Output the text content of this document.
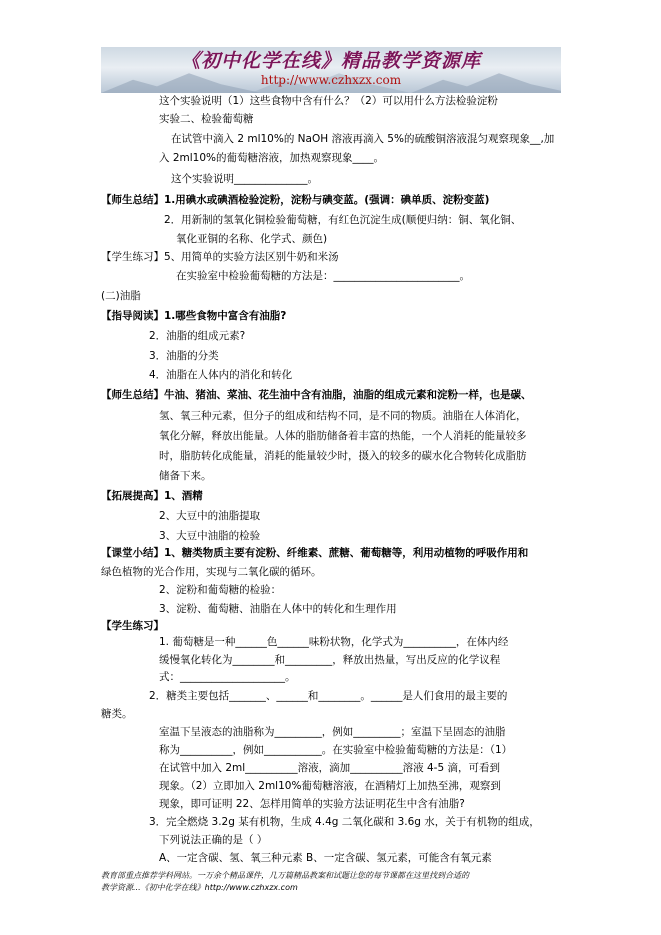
《初中化学在线》精品教学资源库
http://www.czhxzx.com
这个实验说明（1）这些食物中含有什么？（2）可以用什么方法检验淀粉
实验二、检验葡萄糖
在试管中滴入 2 ml10%的 NaOH 溶液再滴入 5%的硫酸铜溶液混匀观察现象__,加
入 2ml10%的葡萄糖溶液，加热观察现象____。
这个实验说明______________。
【师生总结】1.用碘水或碘酒检验淀粉，淀粉与碘变蓝。(强调：碘单质、淀粉变蓝)
2．用新制的氢氧化铜检验葡萄糖，有红色沉淀生成(顺便归纳：铜、氧化铜、
氧化亚铜的名称、化学式、颜色)
【学生练习】5、用简单的实验方法区别牛奶和米汤
在实验室中检验葡萄糖的方法是：________________________。
(二)油脂
【指导阅读】1.哪些食物中富含有油脂?
2．油脂的组成元素?
3．油脂的分类
4．油脂在人体内的消化和转化
【师生总结】牛油、猪油、菜油、花生油中含有油脂，油脂的组成元素和淀粉一样，也是碳、
氢、氧三种元素，但分子的组成和结构不同，是不同的物质。油脂在人体消化，
氧化分解，释放出能量。人体的脂肪储备着丰富的热能，一个人消耗的能量较多
时，脂肪转化成能量，消耗的能量较少时，摄入的较多的碳水化合物转化成脂肪
储备下来。
【拓展提高】1、酒精
2、大豆中的油脂提取
3、大豆中油脂的检验
【课堂小结】1、糖类物质主要有淀粉、纤维素、蔗糖、葡萄糖等，利用动植物的呼吸作用和
绿色植物的光合作用，实现与二氧化碳的循环。
2、淀粉和葡萄糖的检验：
3、淀粉、葡萄糖、油脂在人体中的转化和生理作用
【学生练习】
1. 葡萄糖是一种______色______味粉状物，化学式为__________，在体内经
缓慢氧化转化为________和_________，释放出热量，写出反应的化学议程
式：____________________。
2．糖类主要包括_______、______和________。______是人们食用的最主要的
糖类。
室温下呈液态的油脂称为_________，例如_________；室温下呈固态的油脂
称为__________，例如___________。在实验室中检验葡萄糖的方法是：（1）
在试管中加入 2ml__________溶液，滴加__________溶液 4-5 滴，可看到
现象。（2）立即加入 2ml10%葡萄糖溶液，在酒精灯上加热至沸，观察到
现象，即可证明 22、怎样用简单的实验方法证明花生中含有油脂?
3．完全燃烧 3.2g 某有机物，生成 4.4g 二氧化碳和 3.6g 水，关于有机物的组成，
下列说法正确的是（ ）
A、一定含碳、氢、氧三种元素 B、一定含碳、氢元素，可能含有氧元素
教育部重点推荐学科网站。一万余个精品课件，几万篇精品教案和试题让您的每节课都在这里找到合适的
教学资源...《初中化学在线》http://www.czhxzx.com
